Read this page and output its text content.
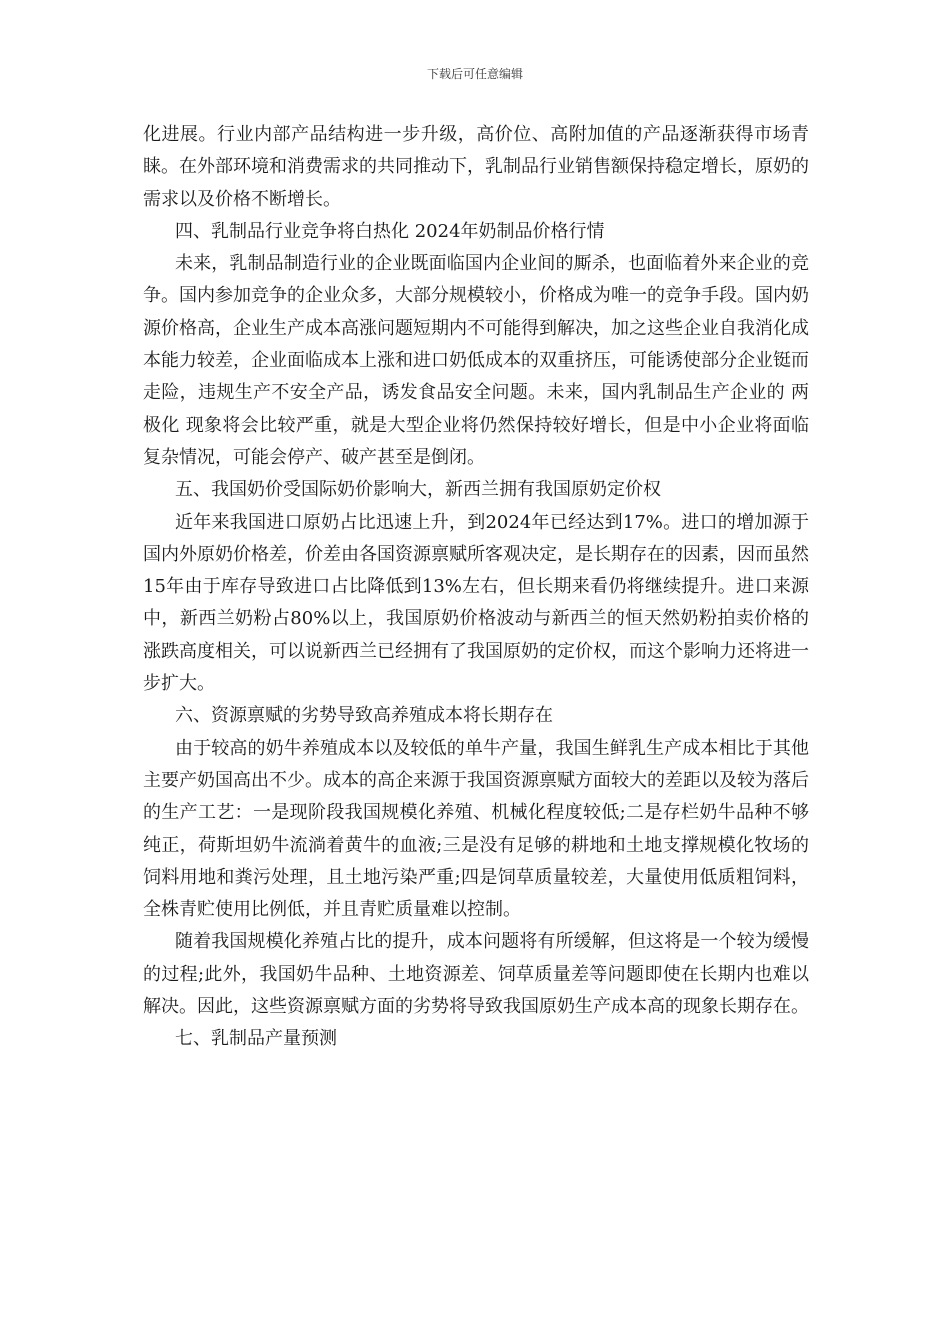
下载后可任意编辑

化进展。行业内部产品结构进一步升级，高价位、高附加值的产品逐渐获得市场青睐。在外部环境和消费需求的共同推动下，乳制品行业销售额保持稳定增长，原奶的需求以及价格不断增长。

四、乳制品行业竞争将白热化 2024年奶制品价格行情

未来，乳制品制造行业的企业既面临国内企业间的厮杀，也面临着外来企业的竞争。国内参加竞争的企业众多，大部分规模较小，价格成为唯一的竞争手段。国内奶源价格高，企业生产成本高涨问题短期内不可能得到解决，加之这些企业自我消化成本能力较差，企业面临成本上涨和进口奶低成本的双重挤压，可能诱使部分企业铤而走险，违规生产不安全产品，诱发食品安全问题。未来，国内乳制品生产企业的 两极化 现象将会比较严重，就是大型企业将仍然保持较好增长，但是中小企业将面临复杂情况，可能会停产、破产甚至是倒闭。

五、我国奶价受国际奶价影响大，新西兰拥有我国原奶定价权

近年来我国进口原奶占比迅速上升，到2024年已经达到17%。进口的增加源于国内外原奶价格差，价差由各国资源禀赋所客观决定，是长期存在的因素，因而虽然15年由于库存导致进口占比降低到13%左右，但长期来看仍将继续提升。进口来源中，新西兰奶粉占80%以上，我国原奶价格波动与新西兰的恒天然奶粉拍卖价格的涨跌高度相关，可以说新西兰已经拥有了我国原奶的定价权，而这个影响力还将进一步扩大。

六、资源禀赋的劣势导致高养殖成本将长期存在

由于较高的奶牛养殖成本以及较低的单牛产量，我国生鲜乳生产成本相比于其他主要产奶国高出不少。成本的高企来源于我国资源禀赋方面较大的差距以及较为落后的生产工艺：一是现阶段我国规模化养殖、机械化程度较低;二是存栏奶牛品种不够纯正，荷斯坦奶牛流淌着黄牛的血液;三是没有足够的耕地和土地支撑规模化牧场的饲料用地和粪污处理，且土地污染严重;四是饲草质量较差，大量使用低质粗饲料，全株青贮使用比例低，并且青贮质量难以控制。

随着我国规模化养殖占比的提升，成本问题将有所缓解，但这将是一个较为缓慢的过程;此外，我国奶牛品种、土地资源差、饲草质量差等问题即使在长期内也难以解决。因此，这些资源禀赋方面的劣势将导致我国原奶生产成本高的现象长期存在。

七、乳制品产量预测
